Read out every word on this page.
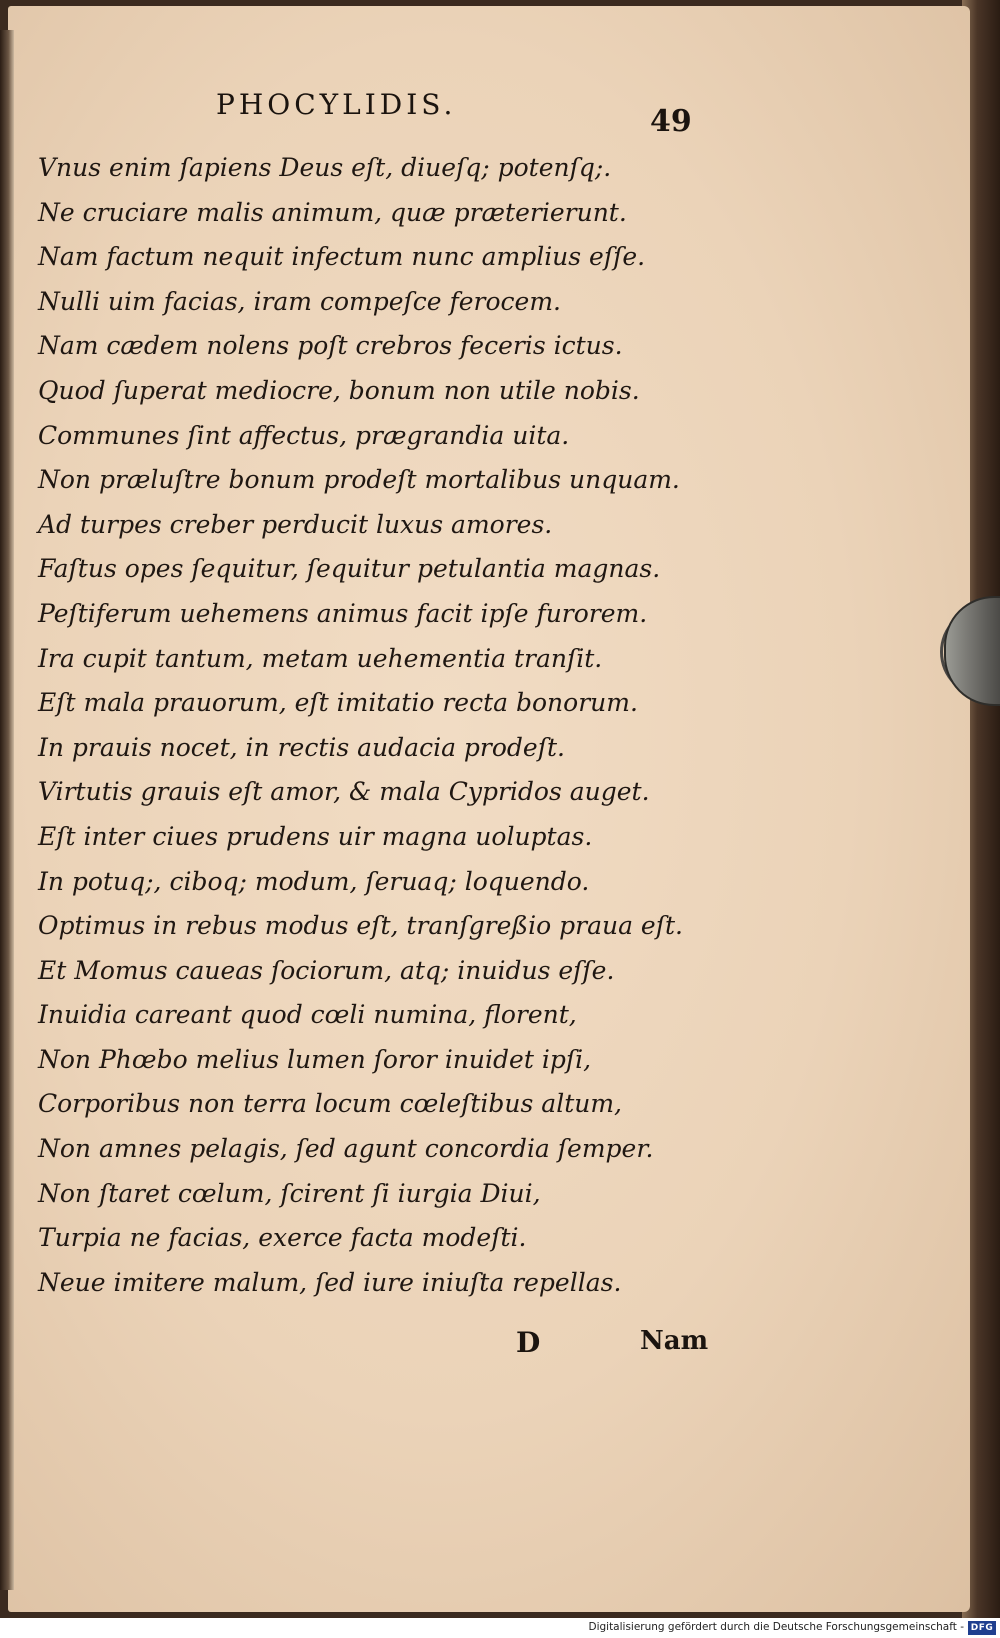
PHOCYLIDIS.	49
Vnus enim ſapiens Deus eſt, diueſq; potenſq;.
Ne cruciare malis animum, quæ præterierunt.
Nam factum nequit infectum nunc amplius eſſe.
Nulli uim facias, iram compeſce ferocem.
Nam cædem nolens poſt crebros feceris ictus.
Quod ſuperat mediocre, bonum non utile nobis.
Communes ſint affectus, prægrandia uita.
Non præluſtre bonum prodeſt mortalibus unquam.
Ad turpes creber perducit luxus amores.
Faſtus opes ſequitur, ſequitur petulantia magnas.
Peſtiferum uehemens animus facit ipſe furorem.
Ira cupit tantum, metam uehementia tranſit.
Eſt mala prauorum, eſt imitatio recta bonorum.
In prauis nocet, in rectis audacia prodeſt.
Virtutis grauis eſt amor, & mala Cypridos auget.
Eſt inter ciues prudens uir magna uoluptas.
In potuq;, ciboq; modum, ſeruaq; loquendo.
Optimus in rebus modus eſt, tranſgreßio praua eſt.
Et Momus caueas ſociorum, atq; inuidus eſſe.
Inuidia careant quod cœli numina, florent,
Non Phœbo melius lumen ſoror inuidet ipſi,
Corporibus non terra locum cœleſtibus altum,
Non amnes pelagis, ſed agunt concordia ſemper.
Non ſtaret cœlum, ſcirent ſi iurgia Diui,
Turpia ne facias, exerce facta modeſti.
Neue imitere malum, ſed iure iniuſta repellas.
D	Nam
Digitalisierung gefördert durch die Deutsche Forschungsgemeinschaft - DFG
